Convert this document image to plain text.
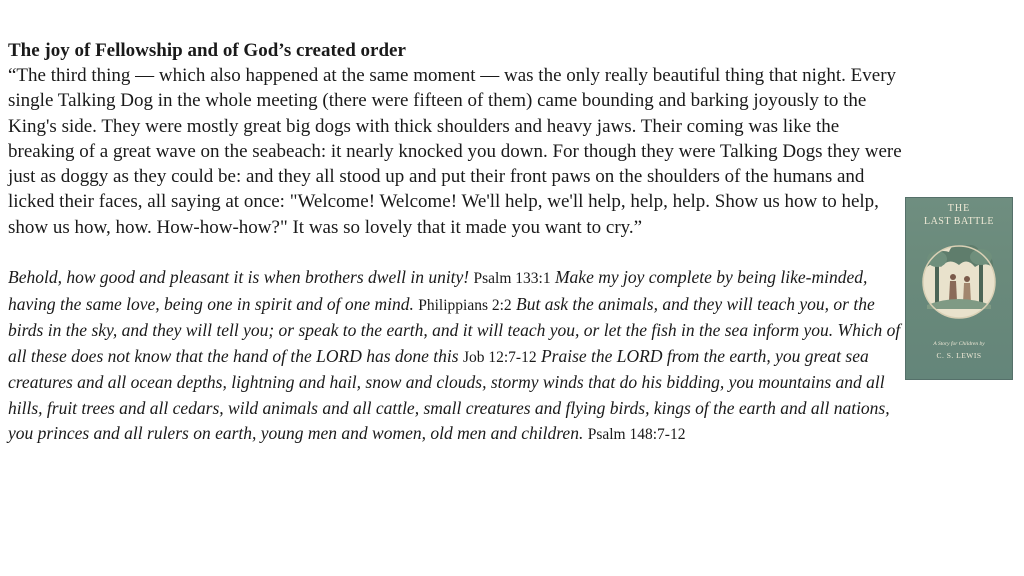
The joy of Fellowship and of God’s created order

“The third thing — which also happened at the same moment — was the only really beautiful thing that night. Every single Talking Dog in the whole meeting (there were fifteen of them) came bounding and barking joyously to the King's side. They were mostly great big dogs with thick shoulders and heavy jaws. Their coming was like the breaking of a great wave on the seabeach: it nearly knocked you down. For though they were Talking Dogs they were just as doggy as they could be: and they all stood up and put their front paws on the shoulders of the humans and licked their faces, all saying at once: "Welcome! Welcome! We'll help, we'll help, help, help. Show us how to help, show us how, how. How-how-how?" It was so lovely that it made you want to cry.”

Behold, how good and pleasant it is when brothers dwell in unity! Psalm 133:1 Make my joy complete by being like-minded, having the same love, being one in spirit and of one mind. Philippians 2:2 But ask the animals, and they will teach you, or the birds in the sky, and they will tell you; or speak to the earth, and it will teach you, or let the fish in the sea inform you. Which of all these does not know that the hand of the LORD has done this Job 12:7-12 Praise the LORD from the earth, you great sea creatures and all ocean depths, lightning and hail, snow and clouds, stormy winds that do his bidding, you mountains and all hills, fruit trees and all cedars, wild animals and all cattle, small creatures and flying birds, kings of the earth and all nations, you princes and all rulers on earth, young men and women, old men and children. Psalm 148:7-12

THE
LAST BATTLE
A Story for Children by
C. S. LEWIS
